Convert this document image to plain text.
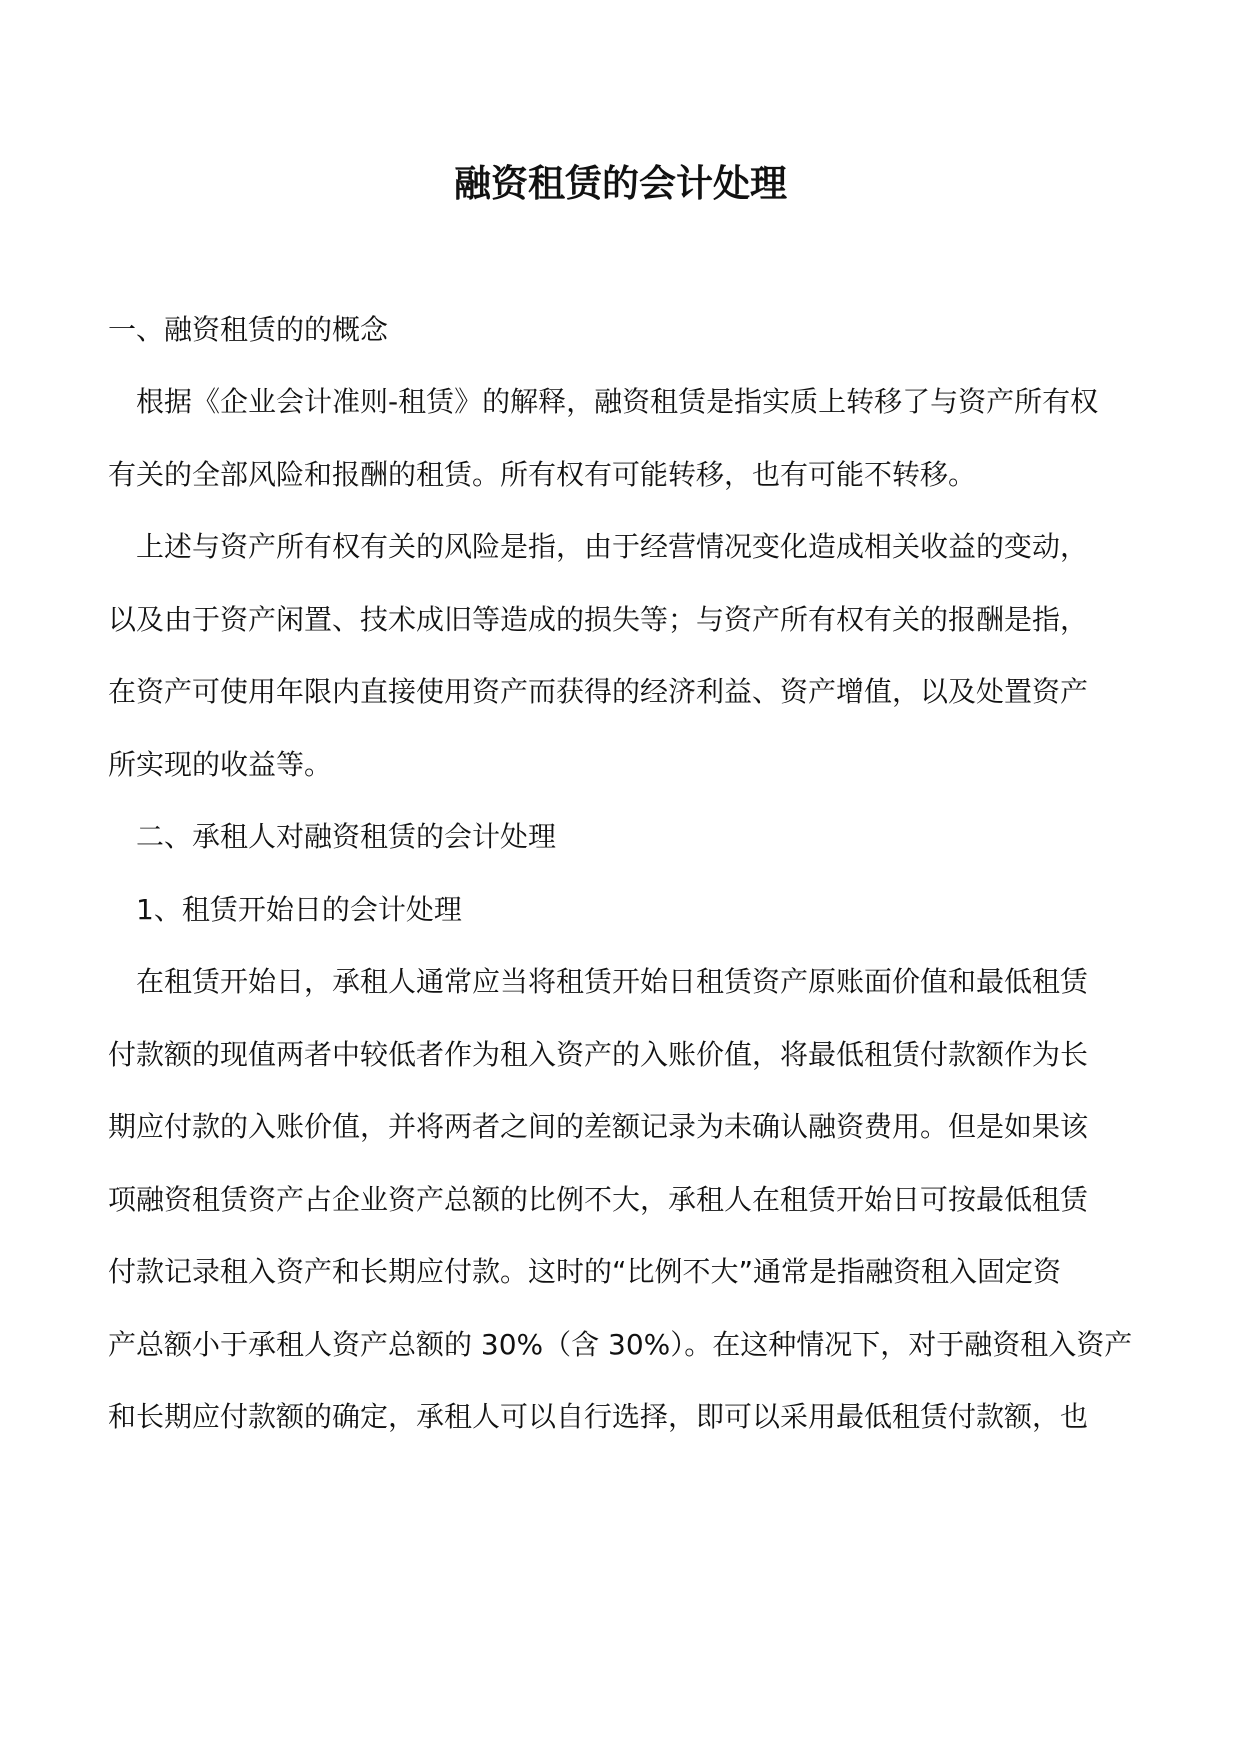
融资租赁的会计处理

一、融资租赁的的概念

根据《企业会计准则-租赁》的解释，融资租赁是指实质上转移了与资产所有权

有关的全部风险和报酬的租赁。所有权有可能转移，也有可能不转移。

上述与资产所有权有关的风险是指，由于经营情况变化造成相关收益的变动，

以及由于资产闲置、技术成旧等造成的损失等；与资产所有权有关的报酬是指，

在资产可使用年限内直接使用资产而获得的经济利益、资产增值，以及处置资产

所实现的收益等。

二、承租人对融资租赁的会计处理

1、租赁开始日的会计处理

在租赁开始日，承租人通常应当将租赁开始日租赁资产原账面价值和最低租赁

付款额的现值两者中较低者作为租入资产的入账价值，将最低租赁付款额作为长

期应付款的入账价值，并将两者之间的差额记录为未确认融资费用。但是如果该

项融资租赁资产占企业资产总额的比例不大，承租人在租赁开始日可按最低租赁

付款记录租入资产和长期应付款。这时的“比例不大”通常是指融资租入固定资

产总额小于承租人资产总额的 30%（含 30%）。在这种情况下，对于融资租入资产

和长期应付款额的确定，承租人可以自行选择，即可以采用最低租赁付款额，也
